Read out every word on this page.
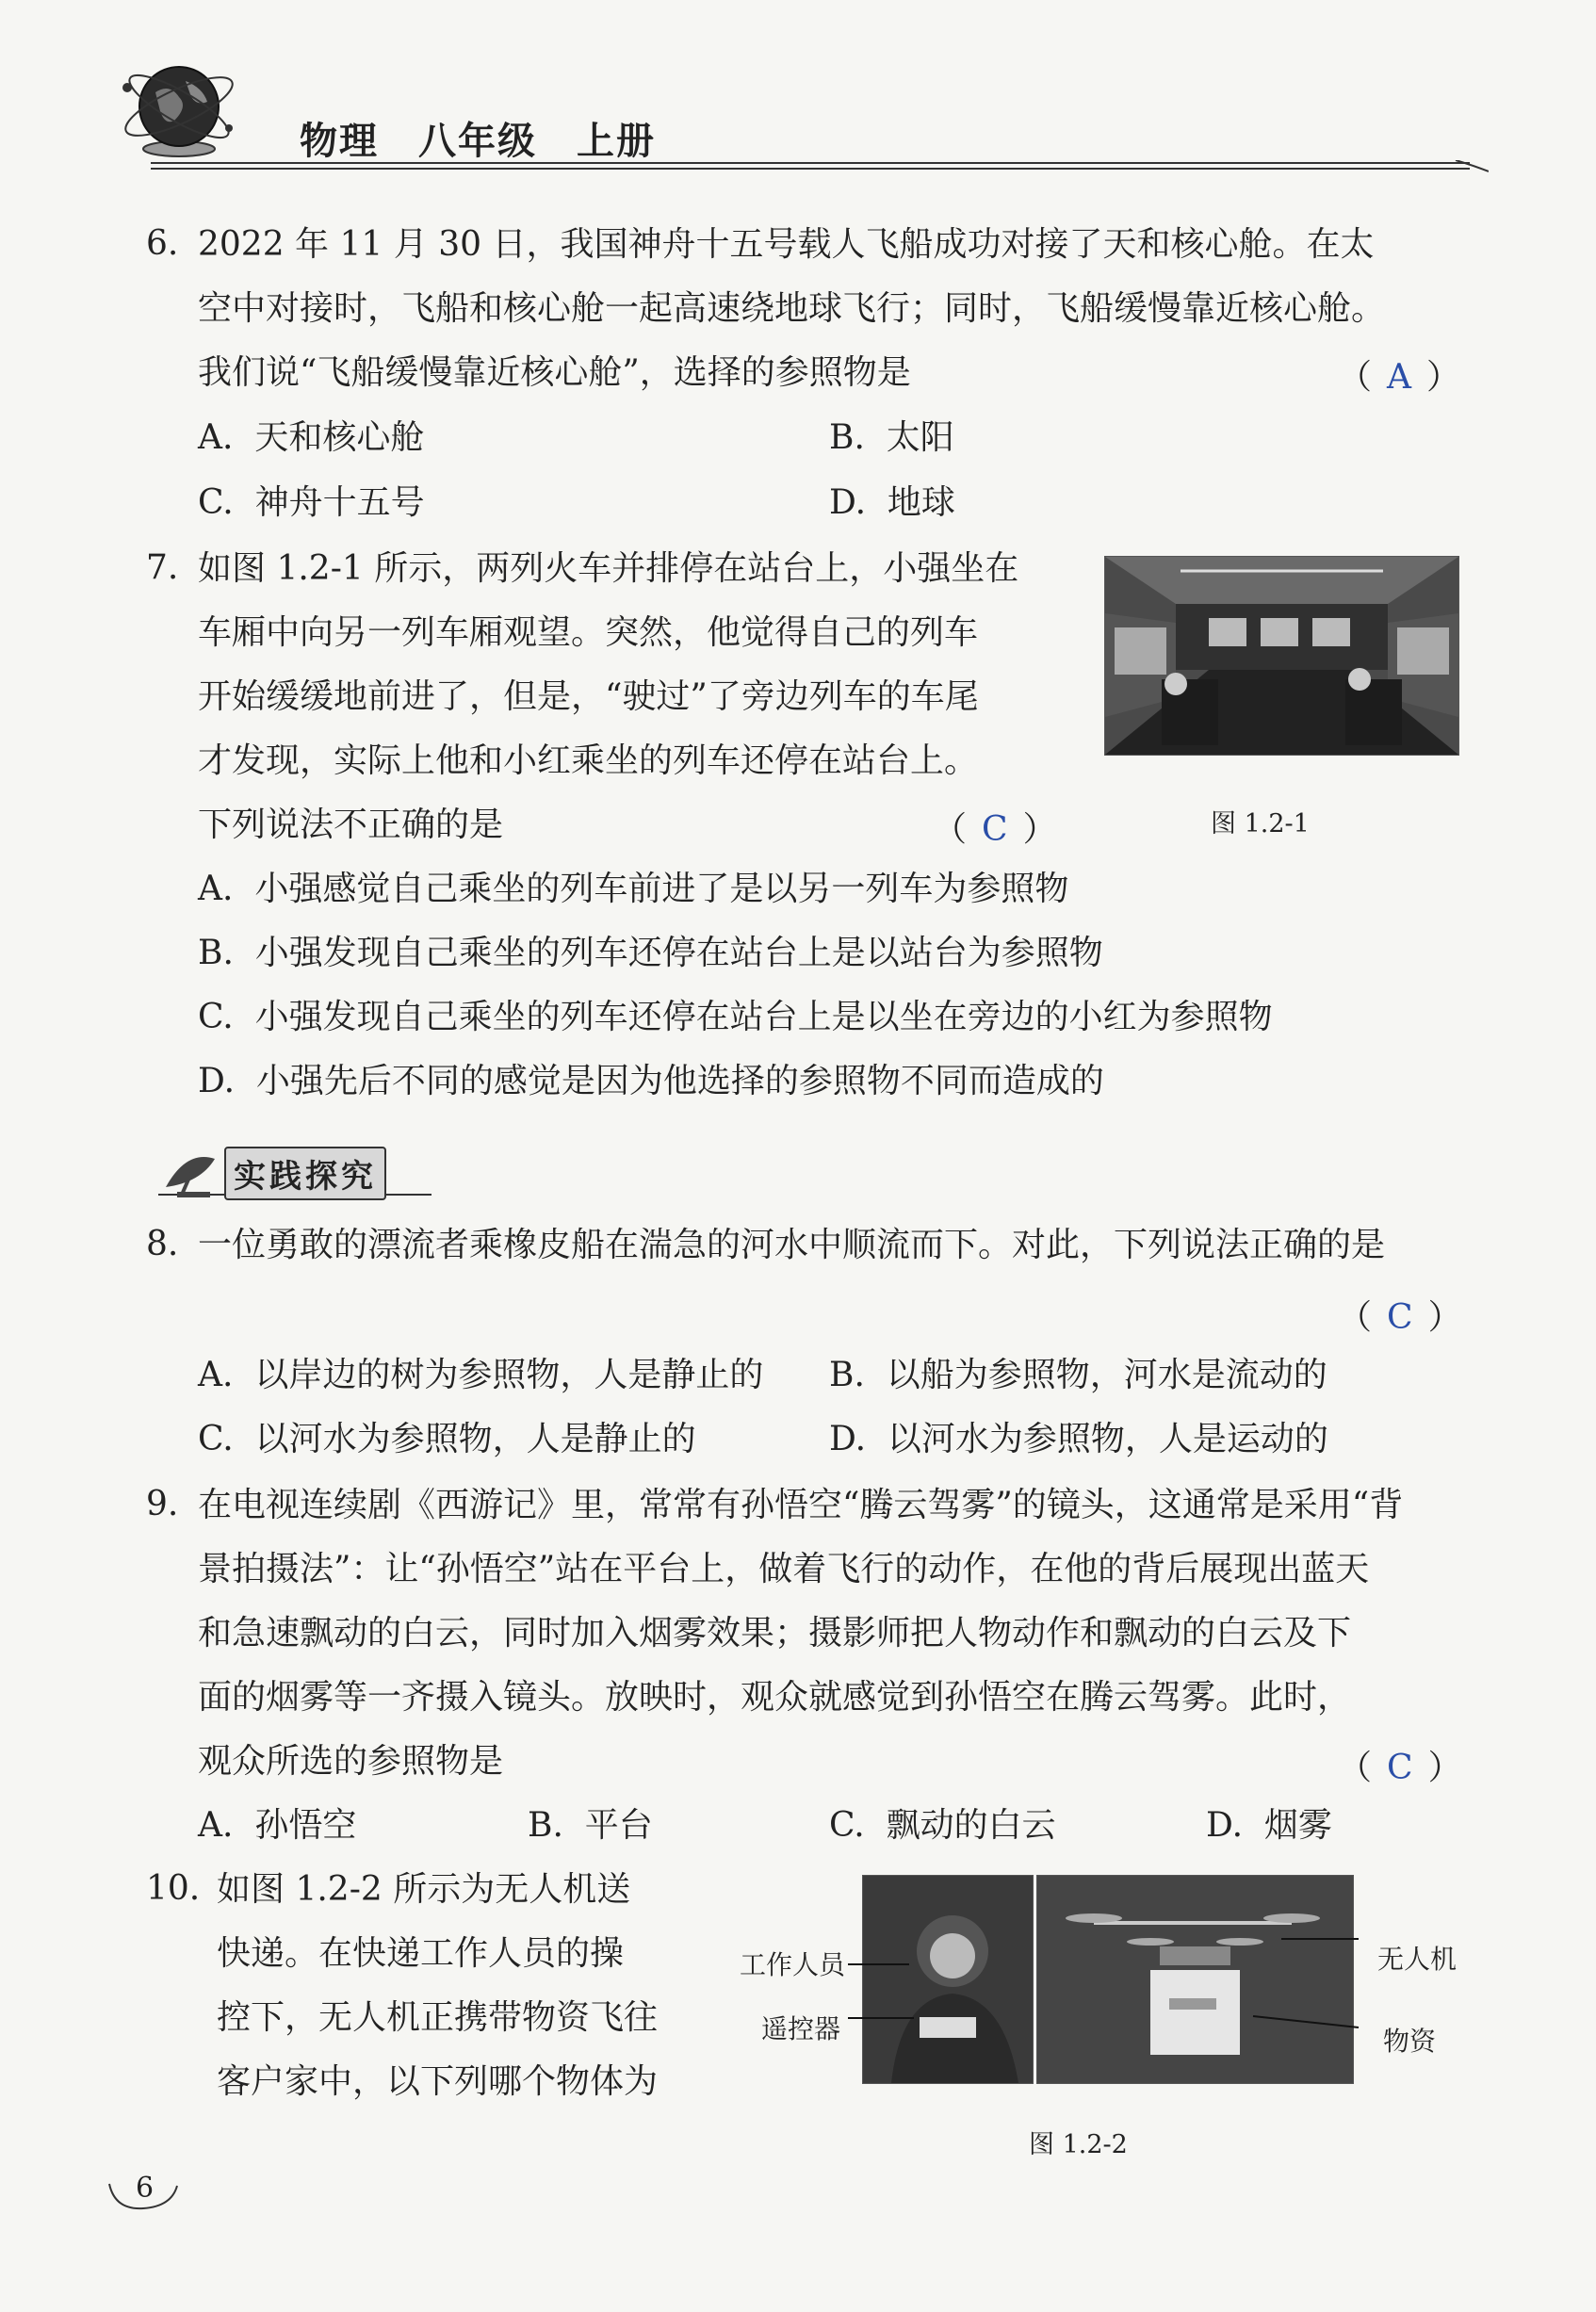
物理　八年级　上册
6. 2022 年 11 月 30 日，我国神舟十五号载人飞船成功对接了天和核心舱。在太
空中对接时，飞船和核心舱一起高速绕地球飞行；同时，飞船缓慢靠近核心舱。
我们说“飞船缓慢靠近核心舱”，选择的参照物是	（ A ）
A.  天和核心舱	B.  太阳
C.  神舟十五号	D.  地球
7. 如图 1.2-1 所示，两列火车并排停在站台上，小强坐在
车厢中向另一列车厢观望。突然，他觉得自己的列车
开始缓缓地前进了，但是，“驶过”了旁边列车的车尾
才发现，实际上他和小红乘坐的列车还停在站台上。
下列说法不正确的是	（ C ）	图 1.2-1
A.  小强感觉自己乘坐的列车前进了是以另一列车为参照物
B.  小强发现自己乘坐的列车还停在站台上是以站台为参照物
C.  小强发现自己乘坐的列车还停在站台上是以坐在旁边的小红为参照物
D.  小强先后不同的感觉是因为他选择的参照物不同而造成的
实践探究
8. 一位勇敢的漂流者乘橡皮船在湍急的河水中顺流而下。对此，下列说法正确的是
（ C ）
A.  以岸边的树为参照物，人是静止的 B.  以船为参照物，河水是流动的
C.  以河水为参照物，人是静止的	D.  以河水为参照物，人是运动的
9. 在电视连续剧《西游记》里，常常有孙悟空“腾云驾雾”的镜头，这通常是采用“背
景拍摄法”：让“孙悟空”站在平台上，做着飞行的动作，在他的背后展现出蓝天
和急速飘动的白云，同时加入烟雾效果；摄影师把人物动作和飘动的白云及下
面的烟雾等一齐摄入镜头。放映时，观众就感觉到孙悟空在腾云驾雾。此时，
观众所选的参照物是	（ C ）
A.  孙悟空	B.  平台	C.  飘动的白云	D.  烟雾
10. 如图 1.2-2 所示为无人机送
快递。在快递工作人员的操
控下，无人机正携带物资飞往
客户家中，以下列哪个物体为
工作人员
遥控器
无人机
物资
图 1.2-2
6
